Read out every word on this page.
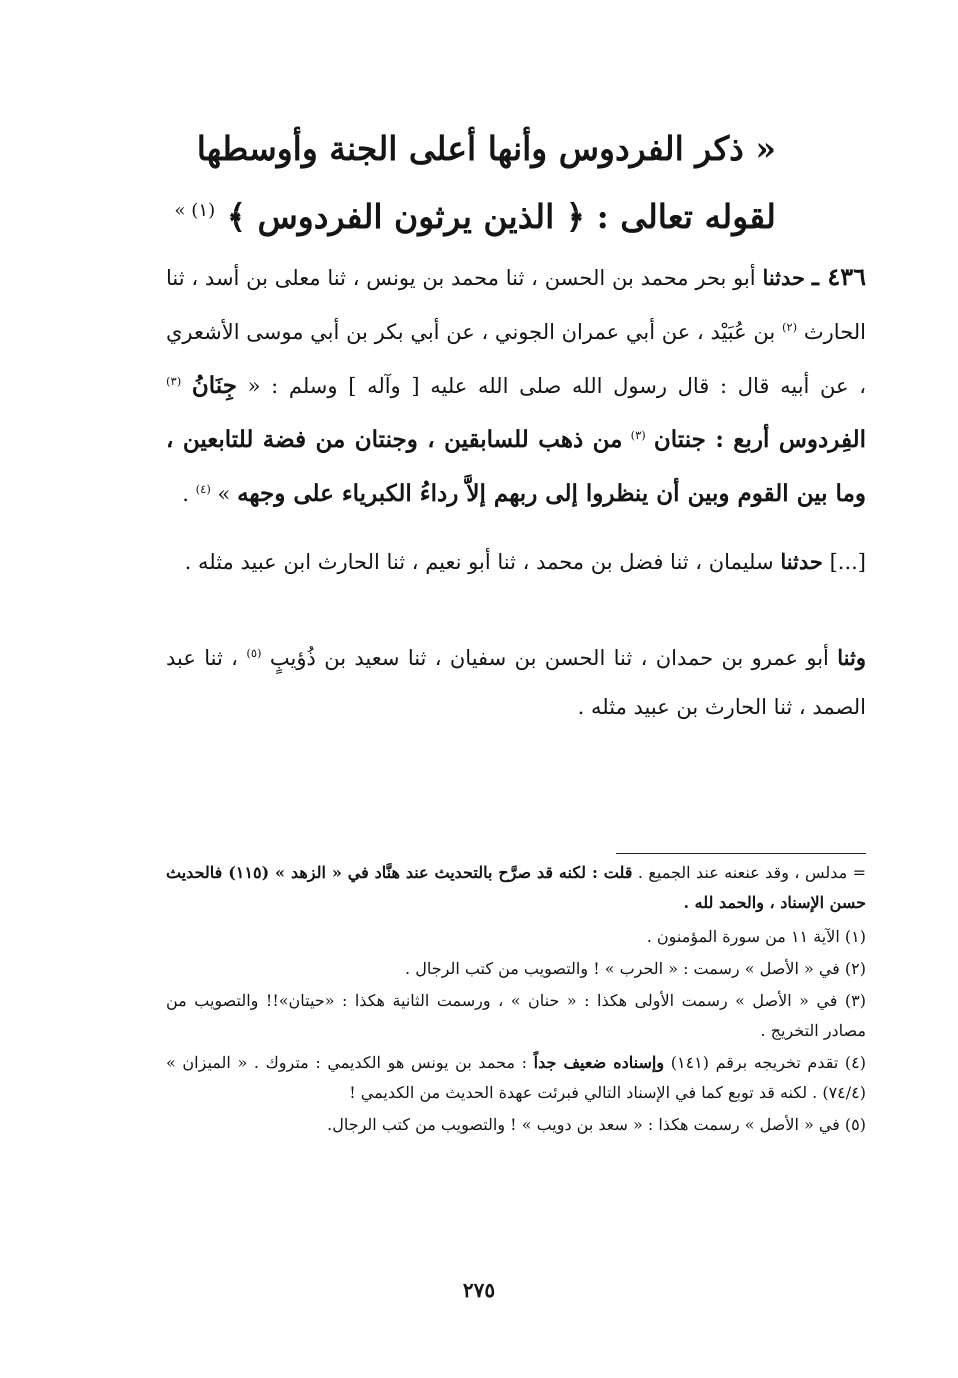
« ذكر الفردوس وأنها أعلى الجنة وأوسطها
لقوله تعالى : ﴿ الذين يرثون الفردوس ﴾ $^{(١) »}$

٤٣٦ ـ حدثنا أبو بحر محمد بن الحسن ، ثنا محمد بن يونس ، ثنا معلى بن أسد ، ثنا الحارث $^{(٢)}$ بن عُبَيْد ، عن أبي عمران الجوني ، عن أبي بكر بن أبي موسى الأشعري ، عن أبيه قال : قال رسول الله صلى الله عليه [ وآله ] وسلم : « جِنَانُ $^{(٣)}$ الفِردوس أربع : جنتان $^{(٣)}$ من ذهب للسابقين ، وجنتان من فضة للتابعين ، وما بين القوم وبين أن ينظروا إلى ربهم إلاَّ رداءُ الكبرياء على وجهه » $^{(٤)}$ .

[...] حدثنا سليمان ، ثنا فضل بن محمد ، ثنا أبو نعيم ، ثنا الحارث ابن عبيد مثله .

وثنا أبو عمرو بن حمدان ، ثنا الحسن بن سفيان ، ثنا سعيد بن ذُؤيبٍ $^{(٥)}$ ، ثنا عبد الصمد ، ثنا الحارث بن عبيد مثله .

= مدلس ، وقد عنعنه عند الجميع . قلت : لكنه قد صرَّح بالتحديث عند هنَّاد في « الزهد » (١١٥) فالحديث حسن الإسناد ، والحمد لله .

(١) الآية ١١ من سورة المؤمنون .

(٢) في « الأصل » رسمت : « الحرب » ! والتصويب من كتب الرجال .

(٣) في « الأصل » رسمت الأولى هكذا : « حنان » ، ورسمت الثانية هكذا : «حيتان»!! والتصويب من مصادر التخريج .

(٤) تقدم تخريجه برقم (١٤١) وإسناده ضعيف جداً : محمد بن يونس هو الكديمي : متروك . « الميزان » (٧٤/٤) . لكنه قد توبع كما في الإسناد التالي فبرئت عهدة الحديث من الكديمي !

(٥) في « الأصل » رسمت هكذا : « سعد بن دويب » ! والتصويب من كتب الرجال.

٢٧٥
